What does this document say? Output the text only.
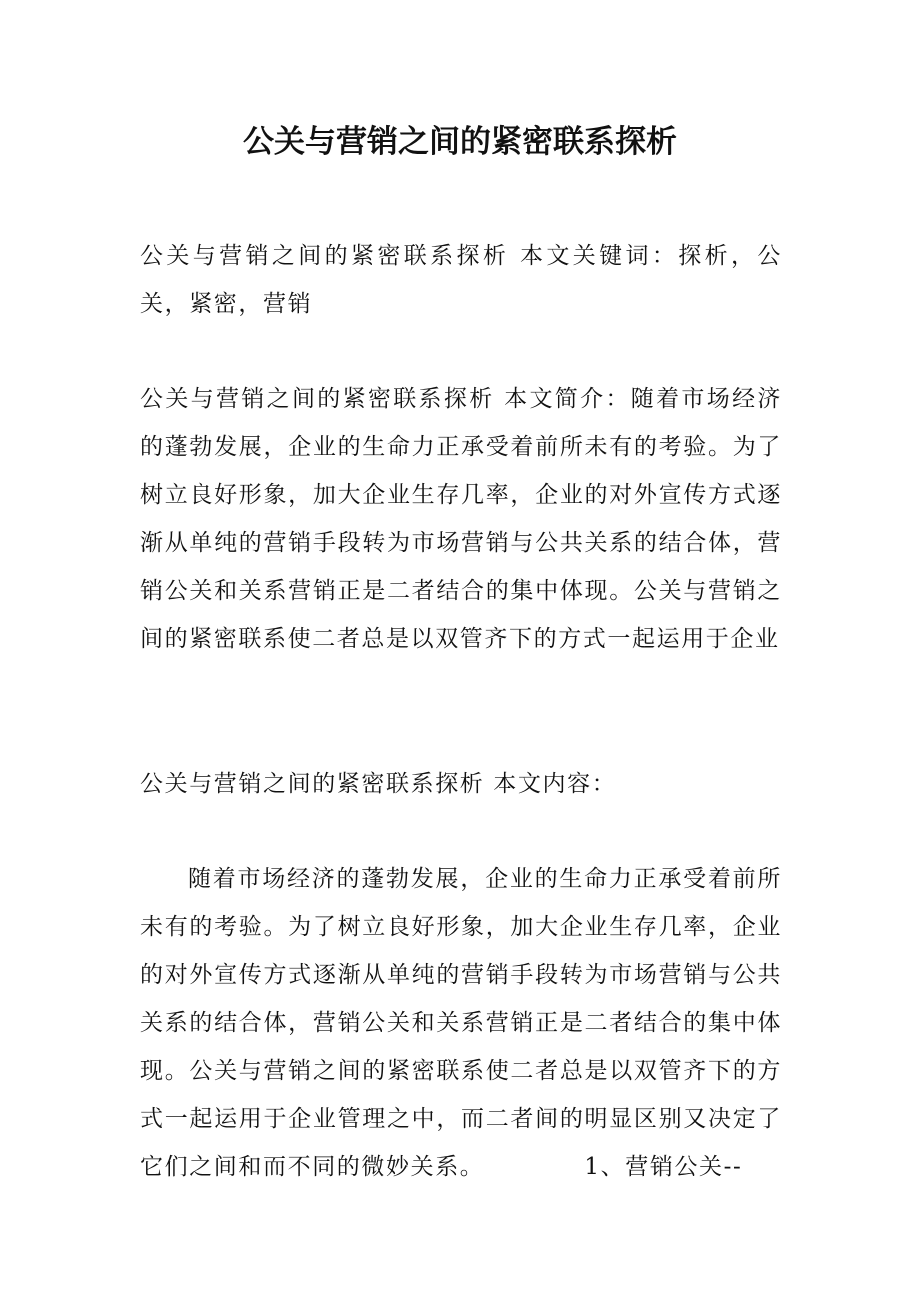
公关与营销之间的紧密联系探析
公关与营销之间的紧密联系探析 本文关键词：探析，公关，紧密，营销
公关与营销之间的紧密联系探析 本文简介：随着市场经济的蓬勃发展，企业的生命力正承受着前所未有的考验。为了树立良好形象，加大企业生存几率，企业的对外宣传方式逐渐从单纯的营销手段转为市场营销与公共关系的结合体，营销公关和关系营销正是二者结合的集中体现。公关与营销之间的紧密联系使二者总是以双管齐下的方式一起运用于企业
公关与营销之间的紧密联系探析 本文内容：
随着市场经济的蓬勃发展，企业的生命力正承受着前所未有的考验。为了树立良好形象，加大企业生存几率，企业的对外宣传方式逐渐从单纯的营销手段转为市场营销与公共关系的结合体，营销公关和关系营销正是二者结合的集中体现。公关与营销之间的紧密联系使二者总是以双管齐下的方式一起运用于企业管理之中，而二者间的明显区别又决定了它们之间和而不同的微妙关系。	1、营销公关--
